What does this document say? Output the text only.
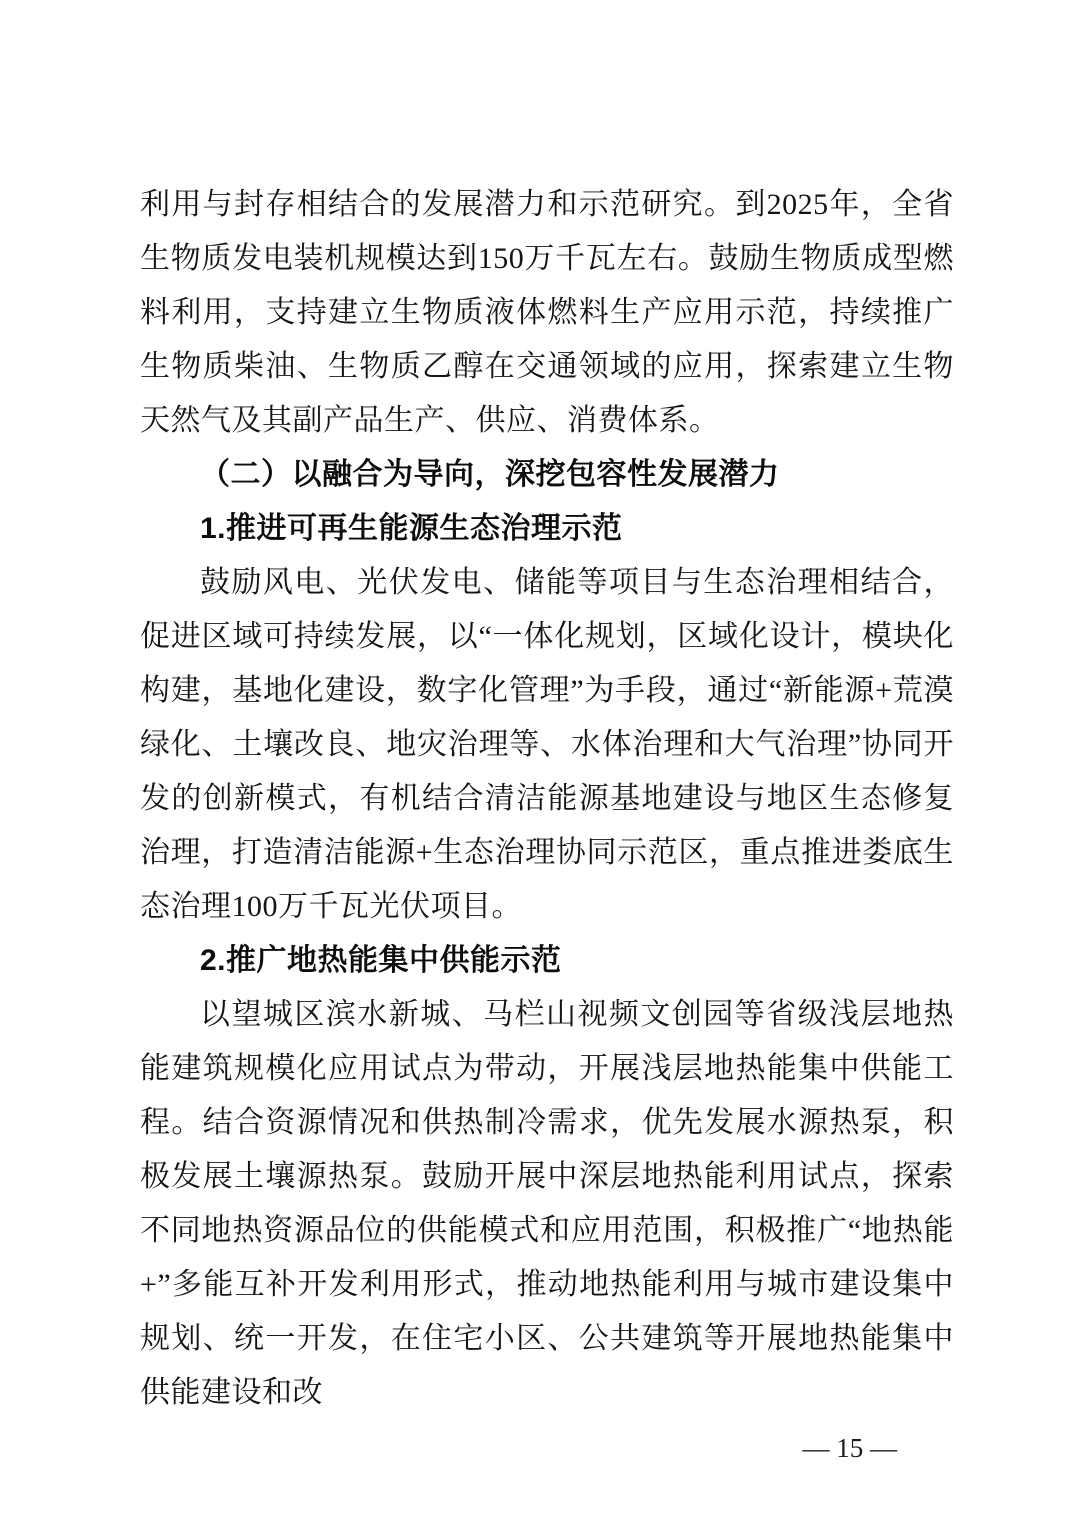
利用与封存相结合的发展潜力和示范研究。到2025年，全省生物质发电装机规模达到150万千瓦左右。鼓励生物质成型燃料利用，支持建立生物质液体燃料生产应用示范，持续推广生物质柴油、生物质乙醇在交通领域的应用，探索建立生物天然气及其副产品生产、供应、消费体系。

（二）以融合为导向，深挖包容性发展潜力
1.推进可再生能源生态治理示范

鼓励风电、光伏发电、储能等项目与生态治理相结合，促进区域可持续发展，以“一体化规划，区域化设计，模块化构建，基地化建设，数字化管理”为手段，通过“新能源+荒漠绿化、土壤改良、地灾治理等、水体治理和大气治理”协同开发的创新模式，有机结合清洁能源基地建设与地区生态修复治理，打造清洁能源+生态治理协同示范区，重点推进娄底生态治理100万千瓦光伏项目。

2.推广地热能集中供能示范

以望城区滨水新城、马栏山视频文创园等省级浅层地热能建筑规模化应用试点为带动，开展浅层地热能集中供能工程。结合资源情况和供热制冷需求，优先发展水源热泵，积极发展土壤源热泵。鼓励开展中深层地热能利用试点，探索不同地热资源品位的供能模式和应用范围，积极推广“地热能+”多能互补开发利用形式，推动地热能利用与城市建设集中规划、统一开发，在住宅小区、公共建筑等开展地热能集中供能建设和改

— 15 —
